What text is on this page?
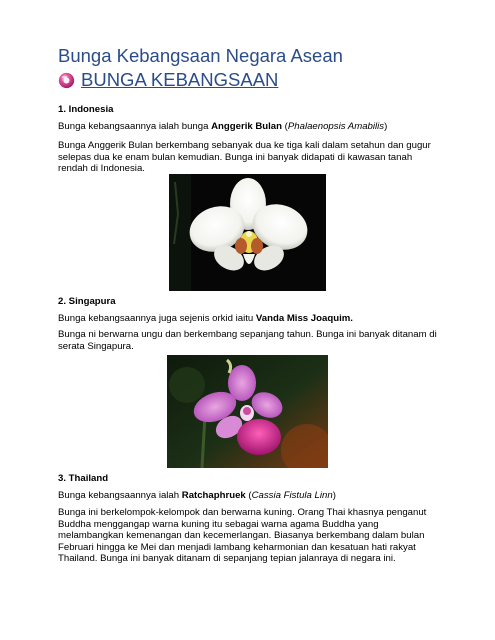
Bunga Kebangsaan Negara Asean
BUNGA KEBANGSAAN
1. Indonesia
Bunga kebangsaannya ialah bunga Anggerik Bulan (Phalaenopsis Amabilis)
Bunga Anggerik Bulan berkembang sebanyak dua ke tiga kali dalam setahun dan gugur selepas dua ke enam bulan kemudian. Bunga ini banyak didapati di kawasan tanah rendah di Indonesia.
2. Singapura
Bunga kebangsaannya juga sejenis orkid iaitu Vanda Miss Joaquim.
Bunga ni berwarna ungu dan berkembang sepanjang tahun. Bunga ini banyak ditanam di serata Singapura.
3. Thailand
Bunga kebangsaannya ialah Ratchaphruek (Cassia Fistula Linn)
Bunga ini berkelompok-kelompok dan berwarna kuning. Orang Thai khasnya penganut Buddha menggangap warna kuning itu sebagai warna agama Buddha yang melambangkan kemenangan dan kecemerlangan. Biasanya berkembang dalam bulan Februari hingga ke Mei dan menjadi lambang keharmonian dan kesatuan hati rakyat Thailand. Bunga ini banyak ditanam di sepanjang tepian jalanraya di negara ini.
